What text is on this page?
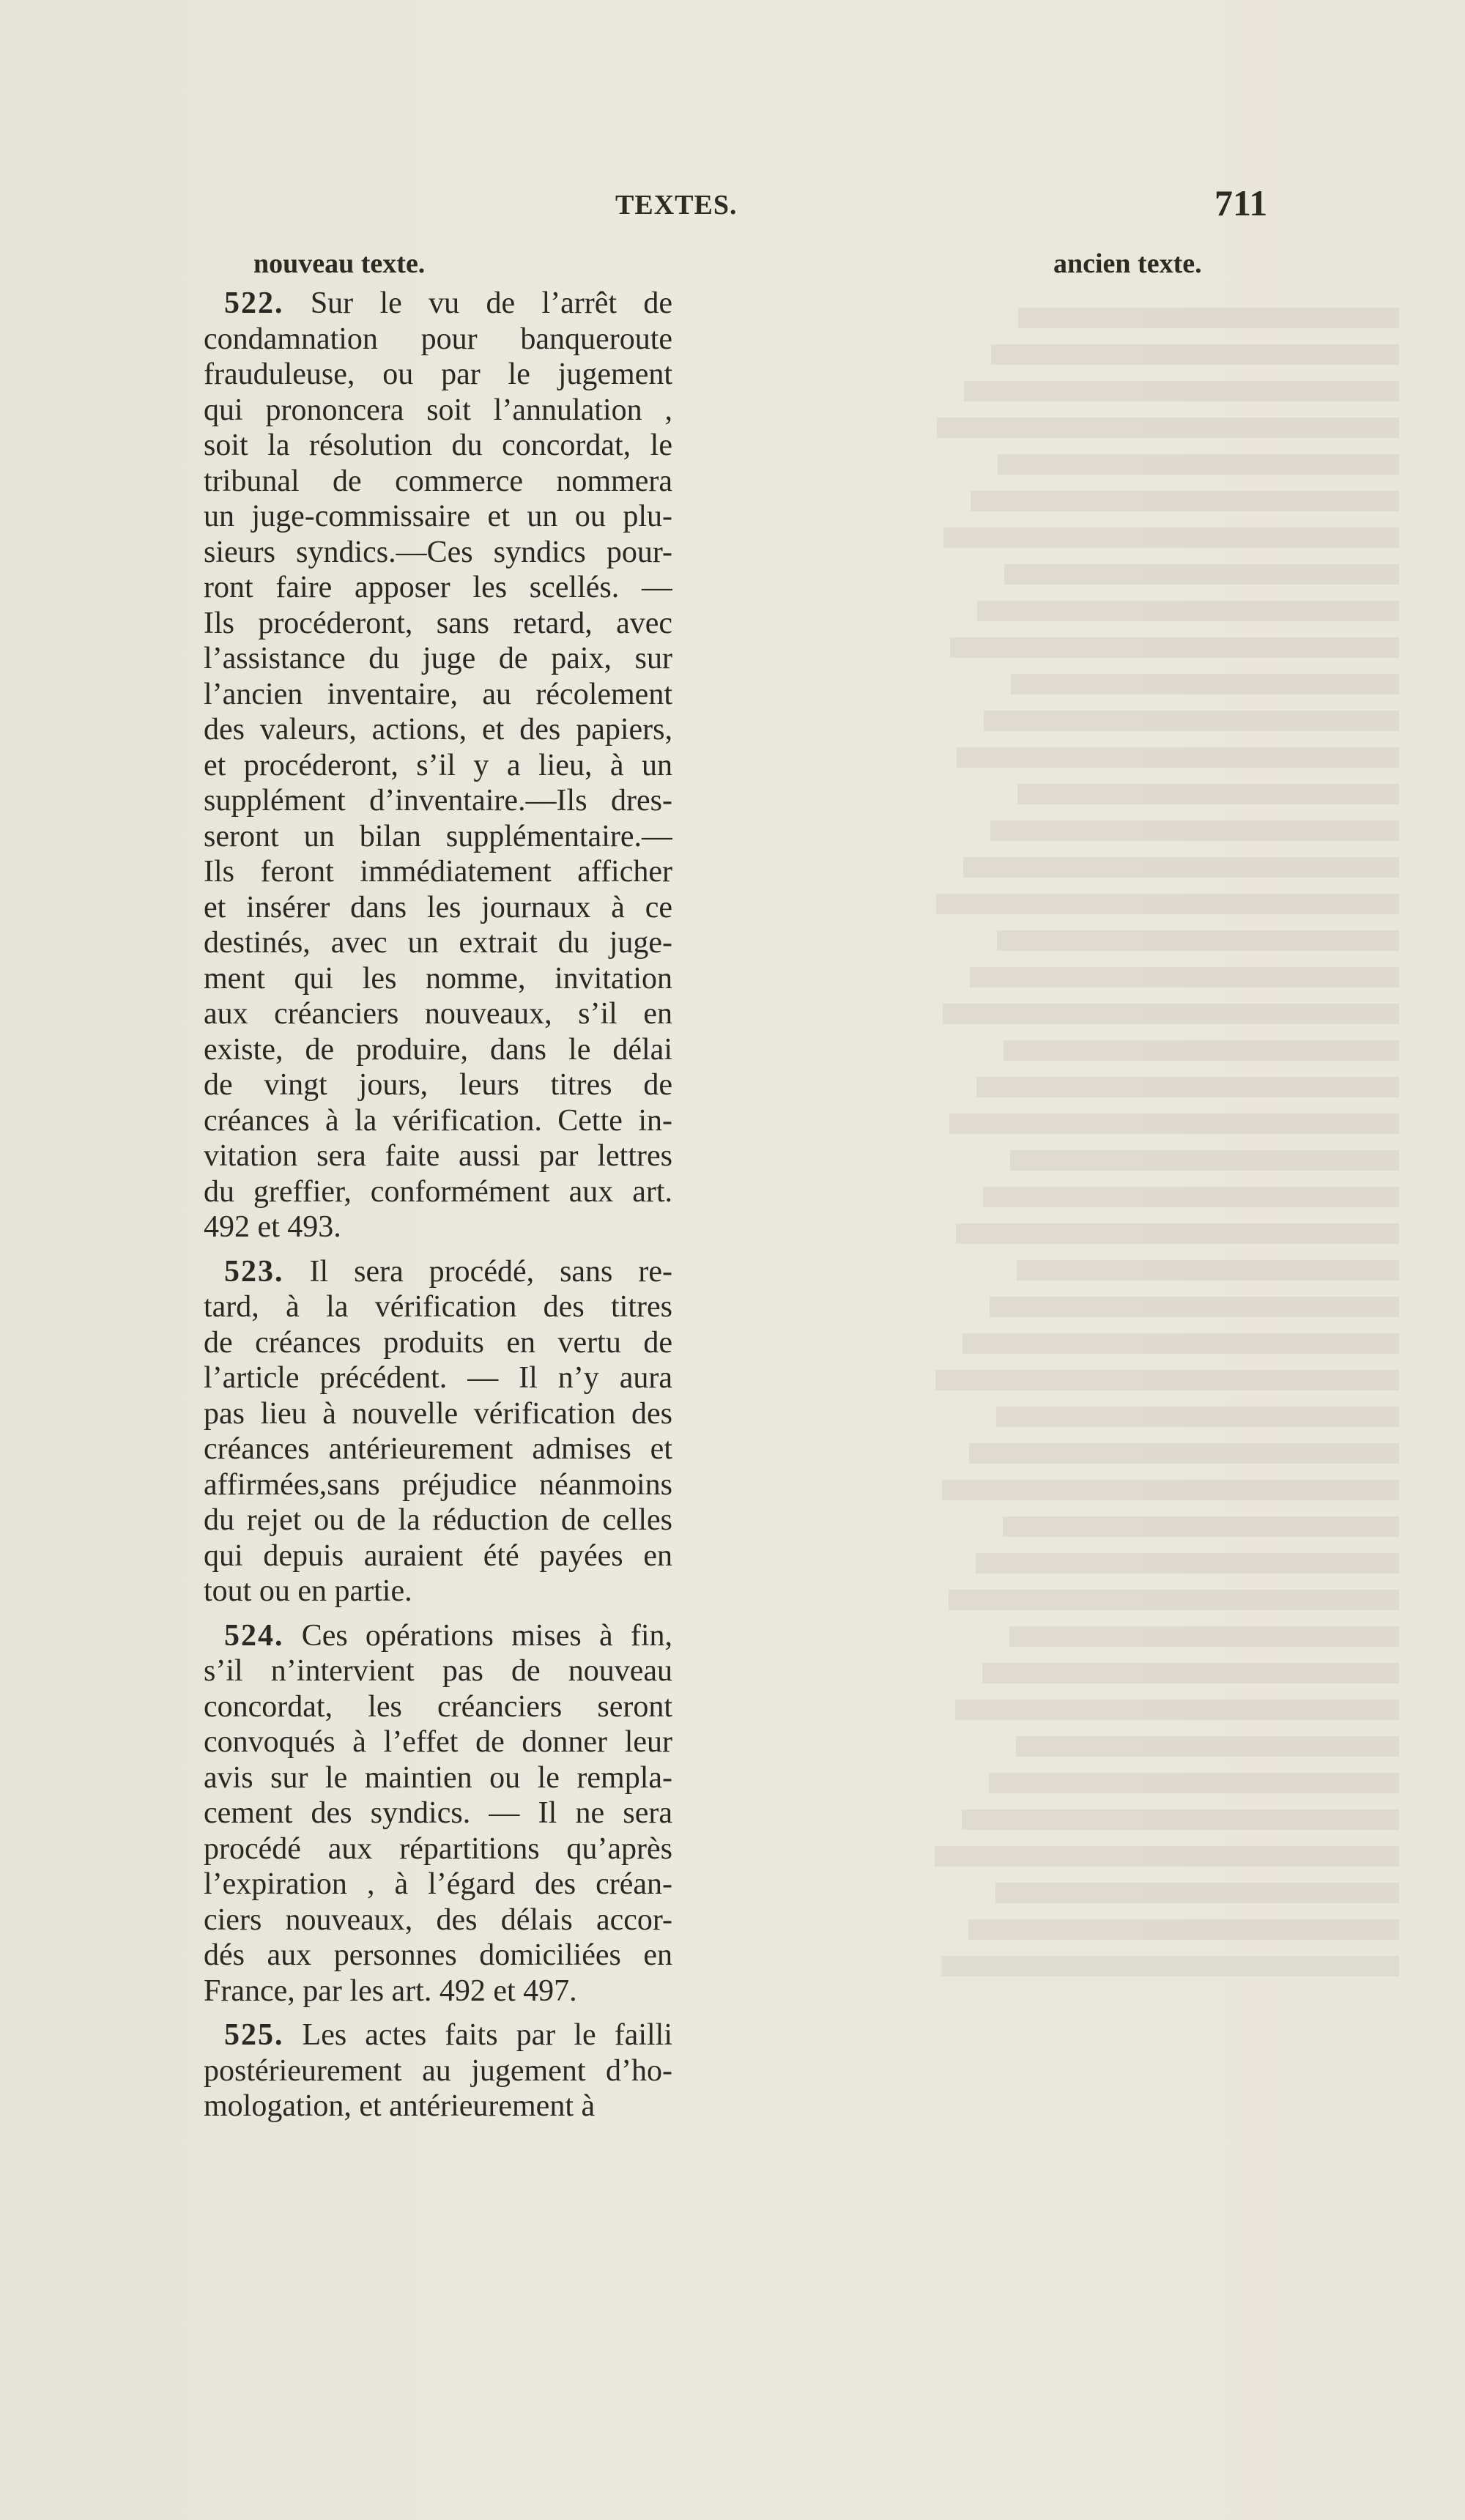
TEXTES.	711
nouveau texte.	ancien texte.
522. Sur le vu de l’arrêt de
condamnation pour banqueroute
frauduleuse, ou par le jugement
qui prononcera soit l’annulation ,
soit la résolution du concordat, le
tribunal de commerce nommera
un juge-commissaire et un ou plu-
sieurs syndics.—Ces syndics pour-
ront faire apposer les scellés. —
Ils procéderont, sans retard, avec
l’assistance du juge de paix, sur
l’ancien inventaire, au récolement
des valeurs, actions, et des papiers,
et procéderont, s’il y a lieu, à un
supplément d’inventaire.—Ils dres-
seront un bilan supplémentaire.—
Ils feront immédiatement afficher
et insérer dans les journaux à ce
destinés, avec un extrait du juge-
ment qui les nomme, invitation
aux créanciers nouveaux, s’il en
existe, de produire, dans le délai
de vingt jours, leurs titres de
créances à la vérification. Cette in-
vitation sera faite aussi par lettres
du greffier, conformément aux art.
492 et 493.
523. Il sera procédé, sans re-
tard, à la vérification des titres
de créances produits en vertu de
l’article précédent. — Il n’y aura
pas lieu à nouvelle vérification des
créances antérieurement admises et
affirmées,sans préjudice néanmoins
du rejet ou de la réduction de celles
qui depuis auraient été payées en
tout ou en partie.
524. Ces opérations mises à fin,
s’il n’intervient pas de nouveau
concordat, les créanciers seront
convoqués à l’effet de donner leur
avis sur le maintien ou le rempla-
cement des syndics. — Il ne sera
procédé aux répartitions qu’après
l’expiration , à l’égard des créan-
ciers nouveaux, des délais accor-
dés aux personnes domiciliées en
France, par les art. 492 et 497.
525. Les actes faits par le failli
postérieurement au jugement d’ho-
mologation, et antérieurement à
